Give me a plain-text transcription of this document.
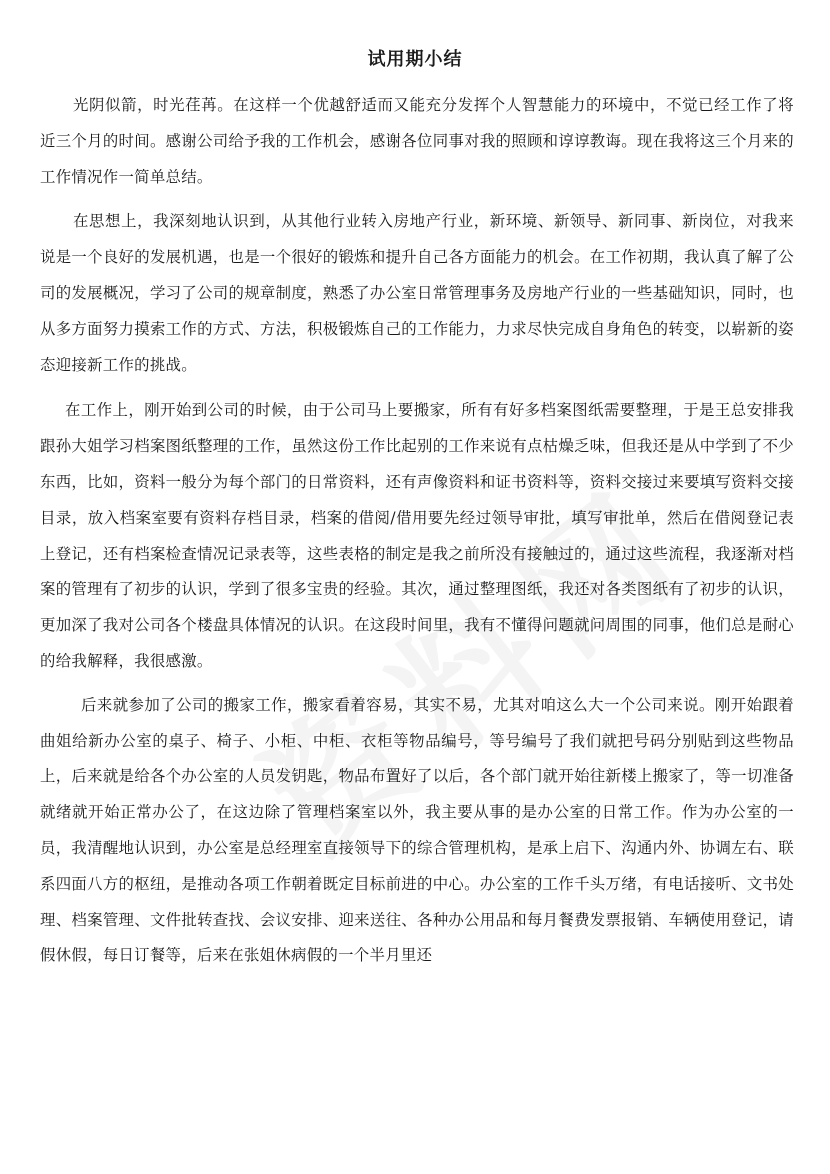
试用期小结

光阴似箭，时光荏苒。在这样一个优越舒适而又能充分发挥个人智慧能力的环境中，不觉已经工作了将近三个月的时间。感谢公司给予我的工作机会，感谢各位同事对我的照顾和谆谆教诲。现在我将这三个月来的工作情况作一简单总结。

在思想上，我深刻地认识到，从其他行业转入房地产行业，新环境、新领导、新同事、新岗位，对我来说是一个良好的发展机遇，也是一个很好的锻炼和提升自己各方面能力的机会。在工作初期，我认真了解了公司的发展概况，学习了公司的规章制度，熟悉了办公室日常管理事务及房地产行业的一些基础知识，同时，也从多方面努力摸索工作的方式、方法，积极锻炼自己的工作能力，力求尽快完成自身角色的转变，以崭新的姿态迎接新工作的挑战。

在工作上，刚开始到公司的时候，由于公司马上要搬家，所有有好多档案图纸需要整理，于是王总安排我跟孙大姐学习档案图纸整理的工作，虽然这份工作比起别的工作来说有点枯燥乏味，但我还是从中学到了不少东西，比如，资料一般分为每个部门的日常资料，还有声像资料和证书资料等，资料交接过来要填写资料交接目录，放入档案室要有资料存档目录，档案的借阅/借用要先经过领导审批，填写审批单，然后在借阅登记表上登记，还有档案检查情况记录表等，这些表格的制定是我之前所没有接触过的，通过这些流程，我逐渐对档案的管理有了初步的认识，学到了很多宝贵的经验。其次，通过整理图纸，我还对各类图纸有了初步的认识，更加深了我对公司各个楼盘具体情况的认识。在这段时间里，我有不懂得问题就问周围的同事，他们总是耐心的给我解释，我很感激。

后来就参加了公司的搬家工作，搬家看着容易，其实不易，尤其对咱这么大一个公司来说。刚开始跟着曲姐给新办公室的桌子、椅子、小柜、中柜、衣柜等物品编号，等号编号了我们就把号码分别贴到这些物品上，后来就是给各个办公室的人员发钥匙，物品布置好了以后，各个部门就开始往新楼上搬家了，等一切准备就绪就开始正常办公了，在这边除了管理档案室以外，我主要从事的是办公室的日常工作。作为办公室的一员，我清醒地认识到，办公室是总经理室直接领导下的综合管理机构，是承上启下、沟通内外、协调左右、联系四面八方的枢纽，是推动各项工作朝着既定目标前进的中心。办公室的工作千头万绪，有电话接听、文书处理、档案管理、文件批转查找、会议安排、迎来送往、各种办公用品和每月餐费发票报销、车辆使用登记，请假休假，每日订餐等，后来在张姐休病假的一个半月里还
